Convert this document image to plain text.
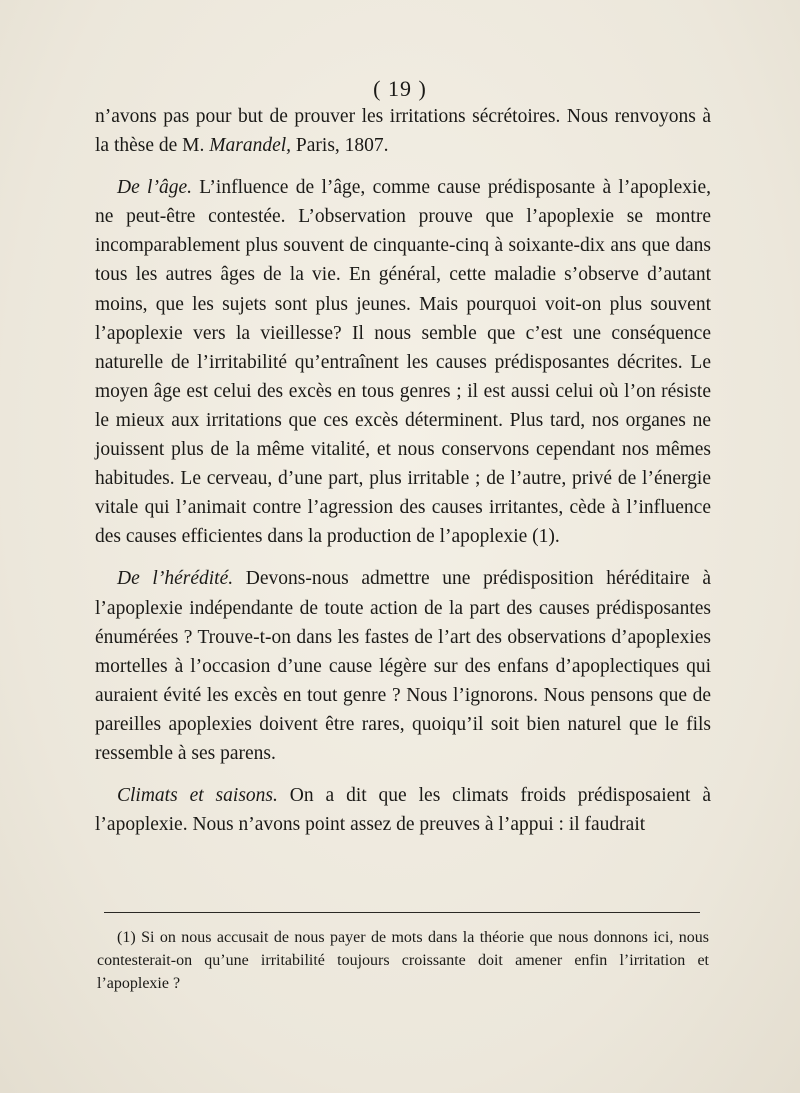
( 19 )

n’avons pas pour but de prouver les irritations sécrétoires. Nous renvoyons à la thèse de M. Marandel, Paris, 1807.

De l’âge. L’influence de l’âge, comme cause prédisposante à l’apoplexie, ne peut-être contestée. L’observation prouve que l’apoplexie se montre incomparablement plus souvent de cinquante-cinq à soixante-dix ans que dans tous les autres âges de la vie. En général, cette maladie s’observe d’autant moins, que les sujets sont plus jeunes. Mais pourquoi voit-on plus souvent l’apoplexie vers la vieillesse? Il nous semble que c’est une conséquence naturelle de l’irritabilité qu’entraînent les causes prédisposantes décrites. Le moyen âge est celui des excès en tous genres ; il est aussi celui où l’on résiste le mieux aux irritations que ces excès déterminent. Plus tard, nos organes ne jouissent plus de la même vitalité, et nous conservons cependant nos mêmes habitudes. Le cerveau, d’une part, plus irritable ; de l’autre, privé de l’énergie vitale qui l’animait contre l’agression des causes irritantes, cède à l’influence des causes efficientes dans la production de l’apoplexie (1).

De l’hérédité. Devons-nous admettre une prédisposition héréditaire à l’apoplexie indépendante de toute action de la part des causes prédisposantes énumérées ? Trouve-t-on dans les fastes de l’art des observations d’apoplexies mortelles à l’occasion d’une cause légère sur des enfans d’apoplectiques qui auraient évité les excès en tout genre ? Nous l’ignorons. Nous pensons que de pareilles apoplexies doivent être rares, quoiqu’il soit bien naturel que le fils ressemble à ses parens.

Climats et saisons. On a dit que les climats froids prédisposaient à l’apoplexie. Nous n’avons point assez de preuves à l’appui : il faudrait

(1) Si on nous accusait de nous payer de mots dans la théorie que nous donnons ici, nous contesterait-on qu’une irritabilité toujours croissante doit amener enfin l’irritation et l’apoplexie ?
